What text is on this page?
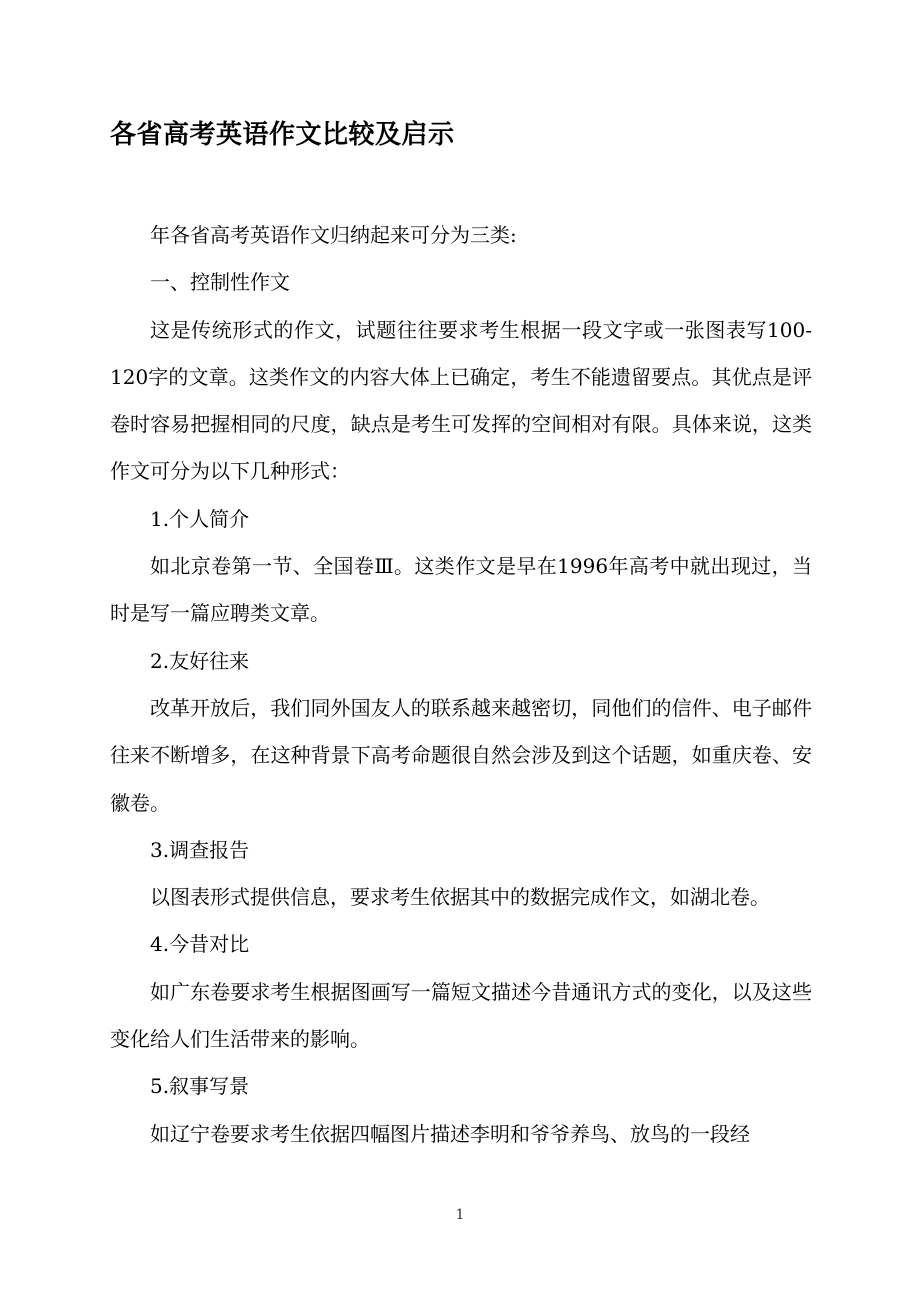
各省高考英语作文比较及启示

年各省高考英语作文归纳起来可分为三类:

一、控制性作文

这是传统形式的作文，试题往往要求考生根据一段文字或一张图表写100-120字的文章。这类作文的内容大体上已确定，考生不能遗留要点。其优点是评卷时容易把握相同的尺度，缺点是考生可发挥的空间相对有限。具体来说，这类作文可分为以下几种形式：

1.个人简介

如北京卷第一节、全国卷Ⅲ。这类作文是早在1996年高考中就出现过，当时是写一篇应聘类文章。

2.友好往来

改革开放后，我们同外国友人的联系越来越密切，同他们的信件、电子邮件往来不断增多，在这种背景下高考命题很自然会涉及到这个话题，如重庆卷、安徽卷。

3.调查报告

以图表形式提供信息，要求考生依据其中的数据完成作文，如湖北卷。

4.今昔对比

如广东卷要求考生根据图画写一篇短文描述今昔通讯方式的变化，以及这些变化给人们生活带来的影响。

5.叙事写景

如辽宁卷要求考生依据四幅图片描述李明和爷爷养鸟、放鸟的一段经

1
